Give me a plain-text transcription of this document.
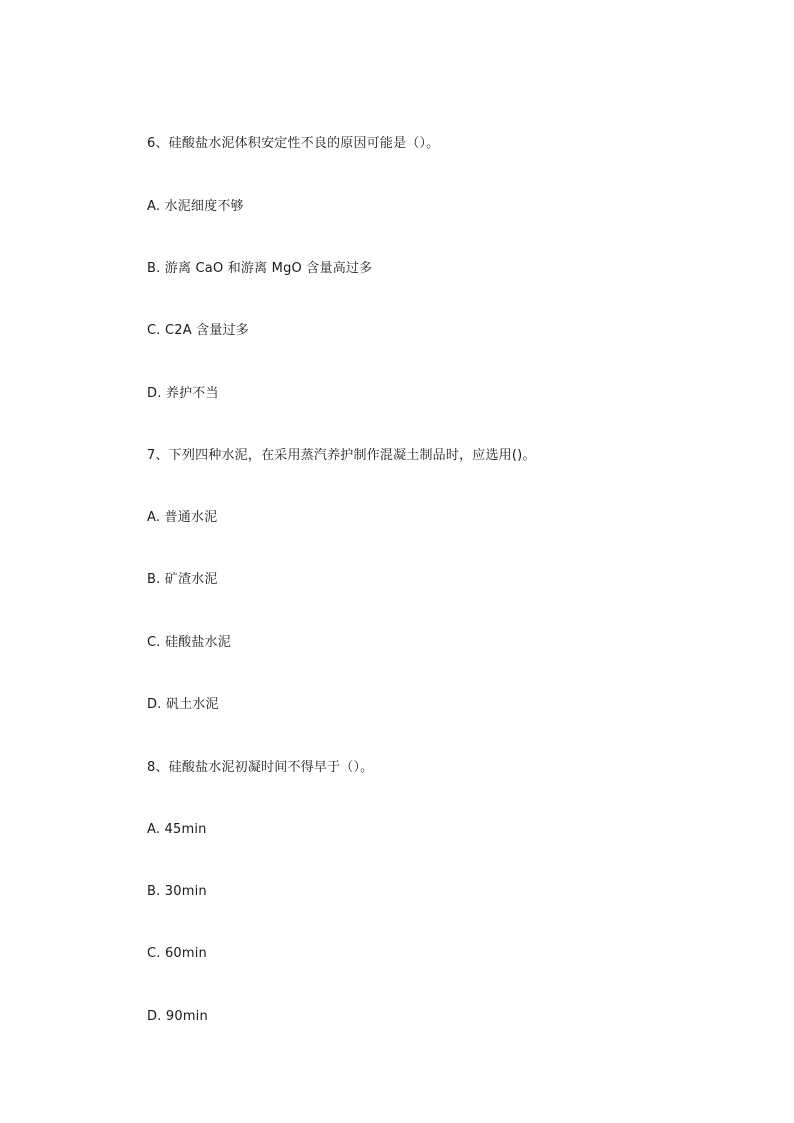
6、硅酸盐水泥体积安定性不良的原因可能是（）。
A. 水泥细度不够
B. 游离 CaO 和游离 MgO 含量高过多
C. C2A 含量过多
D. 养护不当
7、下列四种水泥，在采用蒸汽养护制作混凝土制品时，应选用()。
A. 普通水泥
B. 矿渣水泥
C. 硅酸盐水泥
D. 矾土水泥
8、硅酸盐水泥初凝时间不得早于（）。
A. 45min
B. 30min
C. 60min
D. 90min
